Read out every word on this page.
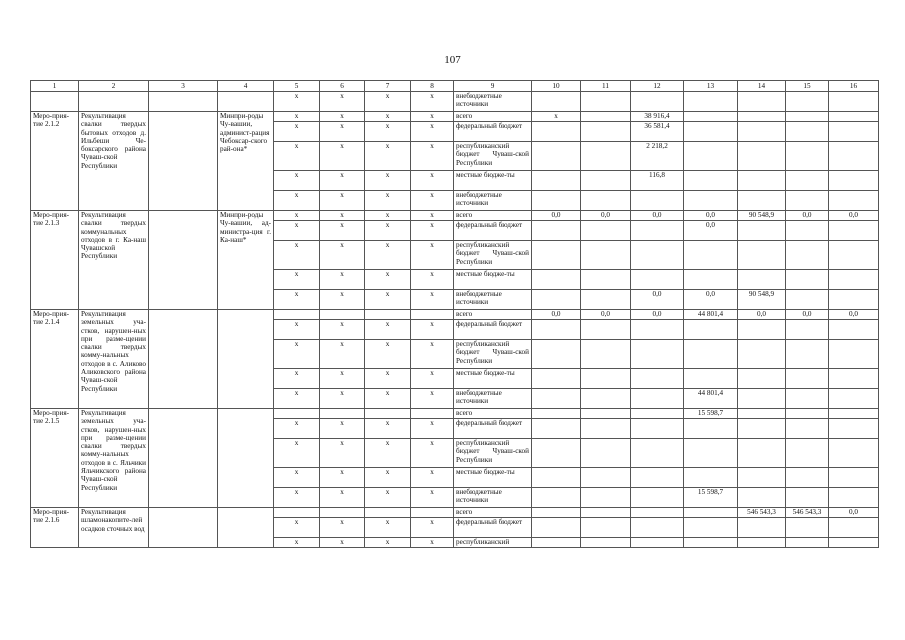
107
1	2	3	4	5	6	7	8	9	10	11	12	13	14	15	16
				x	x	x	x	внебюджетные источники							
Меро-прия-тие 2.1.2	Рекультивация свалки твердых бытовых отходов д. Ильбеши Че-боксарского района Чуваш-ской Республики		Минпри-роды Чу-вашии, админист-рация Чебоксар-ского рай-она*	x	x	x	x	всего	x		38 916,4				
				x	x	x	x	федеральный бюджет			36 581,4				
				x	x	x	x	республиканский бюджет Чуваш-ской Республики			2 218,2				
				x	x	x	x	местные бюдже-ты			116,8				
				x	x	x	x	внебюджетные источники							
Меро-прия-тие 2.1.3	Рекультивация свалки твердых коммунальных отходов в г. Ка-наш Чувашской Республики		Минпри-роды Чу-вашии, ад-министра-ция г. Ка-наш*	x	x	x	x	всего	0,0	0,0	0,0	0,0	90 548,9	0,0	0,0
				x	x	x	x	федеральный бюджет				0,0			
				x	x	x	x	республиканский бюджет Чуваш-ской Республики							
				x	x	x	x	местные бюдже-ты							
				x	x	x	x	внебюджетные источники			0,0	0,0	90 548,9		
Меро-прия-тие 2.1.4	Рекультивация земельных уча-стков, нарушен-ных при разме-щении свалки твердых комму-нальных отходов в с. Аликово Аликовского района Чуваш-ской Республики							всего	0,0	0,0	0,0	44 801,4	0,0	0,0	0,0
				x	x	x	x	федеральный бюджет							
				x	x	x	x	республиканский бюджет Чуваш-ской Республики							
				x	x	x	x	местные бюдже-ты							
				x	x	x	x	внебюджетные источники				44 801,4			
Меро-прия-тие 2.1.5	Рекультивация земельных уча-стков, нарушен-ных при разме-щении свалки твердых комму-нальных отходов в с. Яльчики Яльчикского района Чуваш-ской Республики							всего				15 598,7			
				x	x	x	x	федеральный бюджет							
				x	x	x	x	республиканский бюджет Чуваш-ской Республики							
				x	x	x	x	местные бюдже-ты							
				x	x	x	x	внебюджетные источники				15 598,7			
Меро-прия-тие 2.1.6	Рекультивация шламонакопите-лей осадков сточных вод							всего					546 543,3	546 543,3	0,0
				x	x	x	x	федеральный бюджет							
				x	x	x	x	республиканский							
